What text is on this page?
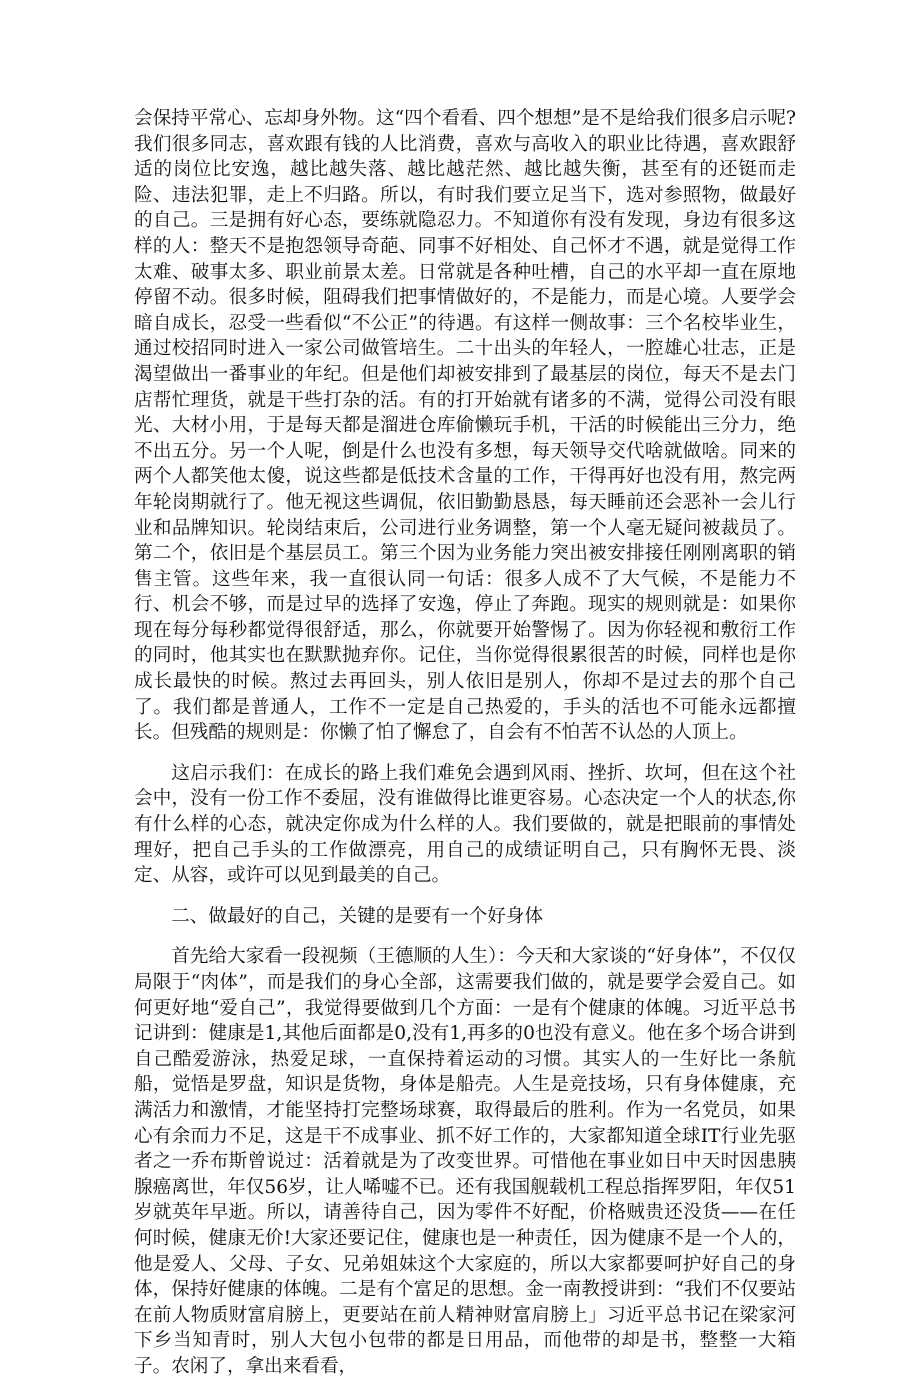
会保持平常心、忘却身外物。这“四个看看、四个想想”是不是给我们很多启示呢?我们很多同志，喜欢跟有钱的人比消费，喜欢与高收入的职业比待遇，喜欢跟舒适的岗位比安逸，越比越失落、越比越茫然、越比越失衡，甚至有的还铤而走险、违法犯罪，走上不归路。所以，有时我们要立足当下，选对参照物，做最好的自己。三是拥有好心态，要练就隐忍力。不知道你有没有发现，身边有很多这样的人：整天不是抱怨领导奇葩、同事不好相处、自己怀才不遇，就是觉得工作太难、破事太多、职业前景太差。日常就是各种吐槽，自己的水平却一直在原地停留不动。很多时候，阻碍我们把事情做好的，不是能力，而是心境。人要学会暗自成长，忍受一些看似“不公正”的待遇。有这样一侧故事：三个名校毕业生，通过校招同时进入一家公司做管培生。二十出头的年轻人，一腔雄心壮志，正是渴望做出一番事业的年纪。但是他们却被安排到了最基层的岗位，每天不是去门店帮忙理货，就是干些打杂的活。有的打开始就有诸多的不满，觉得公司没有眼光、大材小用，于是每天都是溜进仓库偷懒玩手机，干活的时候能出三分力，绝不出五分。另一个人呢，倒是什么也没有多想，每天领导交代啥就做啥。同来的两个人都笑他太傻，说这些都是低技术含量的工作，干得再好也没有用，熬完两年轮岗期就行了。他无视这些调侃，依旧勤勤恳恳，每天睡前还会恶补一会儿行业和品牌知识。轮岗结束后，公司进行业务调整，第一个人毫无疑问被裁员了。第二个，依旧是个基层员工。第三个因为业务能力突出被安排接任刚刚离职的销售主管。这些年来，我一直很认同一句话：很多人成不了大气候，不是能力不行、机会不够，而是过早的选择了安逸，停止了奔跑。现实的规则就是：如果你现在每分每秒都觉得很舒适，那么，你就要开始警惕了。因为你轻视和敷衍工作的同时，他其实也在默默抛弃你。记住，当你觉得很累很苦的时候，同样也是你成长最快的时候。熬过去再回头，别人依旧是别人，你却不是过去的那个自己了。我们都是普通人，工作不一定是自己热爱的，手头的活也不可能永远都擅长。但残酷的规则是：你懒了怕了懈怠了，自会有不怕苦不认怂的人顶上。

这启示我们：在成长的路上我们难免会遇到风雨、挫折、坎坷，但在这个社会中，没有一份工作不委屈，没有谁做得比谁更容易。心态决定一个人的状态,你有什么样的心态，就决定你成为什么样的人。我们要做的，就是把眼前的事情处理好，把自己手头的工作做漂亮，用自己的成绩证明自己，只有胸怀无畏、淡定、从容，或许可以见到最美的自己。

二、做最好的自己，关键的是要有一个好身体

首先给大家看一段视频（王德顺的人生）：今天和大家谈的“好身体”，不仅仅局限于“肉体”，而是我们的身心全部，这需要我们做的，就是要学会爱自己。如何更好地“爱自己”，我觉得要做到几个方面：一是有个健康的体魄。习近平总书记讲到：健康是1,其他后面都是0,没有1,再多的0也没有意义。他在多个场合讲到自己酷爱游泳，热爱足球，一直保持着运动的习惯。其实人的一生好比一条航船，觉悟是罗盘，知识是货物，身体是船壳。人生是竞技场，只有身体健康，充满活力和激情，才能坚持打完整场球赛，取得最后的胜利。作为一名党员，如果心有余而力不足，这是干不成事业、抓不好工作的，大家都知道全球IT行业先驱者之一乔布斯曾说过：活着就是为了改变世界。可惜他在事业如日中天时因患胰腺癌离世，年仅56岁，让人唏嘘不已。还有我国舰载机工程总指挥罗阳，年仅51岁就英年早逝。所以，请善待自己，因为零件不好配，价格贼贵还没货——在任何时候，健康无价!大家还要记住，健康也是一种责任，因为健康不是一个人的，他是爱人、父母、子女、兄弟姐妹这个大家庭的，所以大家都要呵护好自己的身体，保持好健康的体魄。二是有个富足的思想。金一南教授讲到：“我们不仅要站在前人物质财富肩膀上，更要站在前人精神财富肩膀上」习近平总书记在梁家河下乡当知青时，别人大包小包带的都是日用品，而他带的却是书，整整一大箱子。农闲了，拿出来看看，
